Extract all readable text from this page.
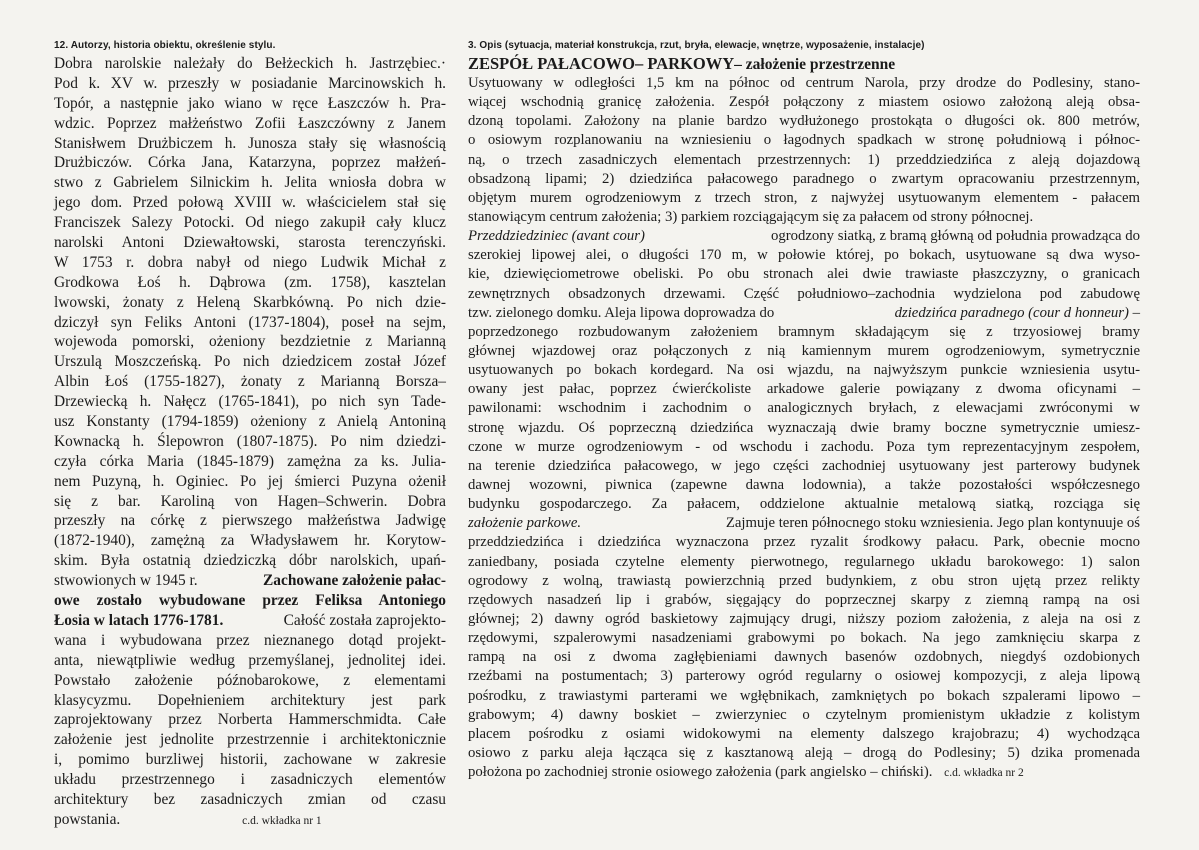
12. Autorzy, historia obiektu, określenie stylu.
Dobra narolskie należały do Bełżeckich h. Jastrzębiec.·
Pod k. XV w. przeszły w posiadanie Marcinowskich h.
Topór, a następnie jako wiano w ręce Łaszczów h. Pra-
wdzic. Poprzez małżeństwo Zofii Łaszczówny z Janem
Stanisłwem Drużbiczem h. Junosza stały się własnością
Drużbiczów. Córka Jana, Katarzyna, poprzez małżeń-
stwo z Gabrielem Silnickim h. Jelita wniosła dobra w
jego dom. Przed połową XVIII w. właścicielem stał się
Franciszek Salezy Potocki. Od niego zakupił cały klucz
narolski Antoni Dziewałtowski, starosta terenczyński.
W 1753 r. dobra nabył od niego Ludwik Michał z
Grodkowa Łoś h. Dąbrowa (zm. 1758), kasztelan
lwowski, żonaty z Heleną Skarbkówną. Po nich dzie-
dziczył syn Feliks Antoni (1737-1804), poseł na sejm,
wojewoda pomorski, ożeniony bezdzietnie z Marianną
Urszulą Moszczeńską. Po nich dziedzicem został Józef
Albin Łoś (1755-1827), żonaty z Marianną Borsza–
Drzewiecką h. Nałęcz (1765-1841), po nich syn Tade-
usz Konstanty (1794-1859) ożeniony z Anielą Antoniną
Kownacką h. Ślepowron (1807-1875). Po nim dziedzi-
czyła córka Maria (1845-1879) zamężna za ks. Julia-
nem Puzyną, h. Oginiec. Po jej śmierci Puzyna ożenił
się z bar. Karoliną von Hagen–Schwerin. Dobra
przeszły na córkę z pierwszego małżeństwa Jadwigę
(1872-1940), zamężną za Władysławem hr. Korytow-
skim. Była ostatnią dziedziczką dóbr narolskich, upań-
stwowionych w 1945 r.	Zachowane założenie pałac-
owe zostało wybudowane przez Feliksa Antoniego
Łosia w latach 1776-1781.	Całość została zaprojekto-
wana i wybudowana przez nieznanego dotąd projekt-
anta, niewątpliwie według przemyślanej, jednolitej idei.
Powstało założenie późnobarokowe, z elementami
klasycyzmu. Dopełnieniem architektury jest park
zaprojektowany przez Norberta Hammerschmidta. Całe
założenie jest jednolite przestrzennie i architektonicznie
i, pomimo burzliwej historii, zachowane w zakresie
układu przestrzennego i zasadniczych elementów
architektury bez zasadniczych zmian od czasu
powstania.	c.d. wkładka nr 1
3. Opis (sytuacja, materiał konstrukcja, rzut, bryła, elewacje, wnętrze, wyposażenie, instalacje)
ZESPÓŁ PAŁACOWO– PARKOWY– założenie przestrzenne
Usytuowany w odległości 1,5 km na północ od centrum Narola, przy drodze do Podlesiny, stano-
wiącej wschodnią granicę założenia. Zespół połączony z miastem osiowo założoną aleją obsa-
dzoną topolami. Założony na planie bardzo wydłużonego prostokąta o długości ok. 800 metrów,
o osiowym rozplanowaniu na wzniesieniu o łagodnych spadkach w stronę południową i północ-
ną, o trzech zasadniczych elementach przestrzennych: 1) przeddziedzińca z aleją dojazdową
obsadzoną lipami; 2) dziedzińca pałacowego paradnego o zwartym opracowaniu przestrzennym,
objętym murem ogrodzeniowym z trzech stron, z najwyżej usytuowanym elementem - pałacem
stanowiącym centrum założenia; 3) parkiem rozciągającym się za pałacem od strony północnej.
Przeddziedziniec (avant cour)	ogrodzony siatką, z bramą główną od południa prowadząca do
szerokiej lipowej alei, o długości 170 m, w połowie której, po bokach, usytuowane są dwa wyso-
kie, dziewięciometrowe obeliski. Po obu stronach alei dwie trawiaste płaszczyzny, o granicach
zewnętrznych obsadzonych drzewami. Część południowo–zachodnia wydzielona pod zabudowę
tzw. zielonego domku. Aleja lipowa doprowadza do	dziedzińca paradnego (cour d honneur) –
poprzedzonego rozbudowanym założeniem bramnym składającym się z trzyosiowej bramy
głównej wjazdowej oraz połączonych z nią kamiennym murem ogrodzeniowym, symetrycznie
usytuowanych po bokach kordegard. Na osi wjazdu, na najwyższym punkcie wzniesienia usytu-
owany jest pałac, poprzez ćwierćkoliste arkadowe galerie powiązany z dwoma oficynami –
pawilonami: wschodnim i zachodnim o analogicznych bryłach, z elewacjami zwróconymi w
stronę wjazdu. Oś poprzeczną dziedzińca wyznaczają dwie bramy boczne symetrycznie umiesz-
czone w murze ogrodzeniowym - od wschodu i zachodu. Poza tym reprezentacyjnym zespołem,
na terenie dziedzińca pałacowego, w jego części zachodniej usytuowany jest parterowy budynek
dawnej wozowni, piwnica (zapewne dawna lodownia), a także pozostałości współczesnego
budynku gospodarczego. Za pałacem, oddzielone aktualnie metalową siatką, rozciąga się
założenie parkowe.	Zajmuje teren północnego stoku wzniesienia. Jego plan kontynuuje oś
przeddziedzińca i dziedzińca wyznaczona przez ryzalit środkowy pałacu. Park, obecnie mocno
zaniedbany, posiada czytelne elementy pierwotnego, regularnego układu barokowego: 1) salon
ogrodowy z wolną, trawiastą powierzchnią przed budynkiem, z obu stron ujętą przez relikty
rzędowych nasadzeń lip i grabów, sięgający do poprzecznej skarpy z ziemną rampą na osi
głównej; 2) dawny ogród baskietowy zajmujący drugi, niższy poziom założenia, z aleja na osi z
rzędowymi, szpalerowymi nasadzeniami grabowymi po bokach. Na jego zamknięciu skarpa z
rampą na osi z dwoma zagłębieniami dawnych basenów ozdobnych, niegdyś ozdobionych
rzeźbami na postumentach; 3) parterowy ogród regularny o osiowej kompozycji, z aleja lipową
pośrodku, z trawiastymi parterami we wgłębnikach, zamkniętych po bokach szpalerami lipowo –
grabowym; 4) dawny boskiet – zwierzyniec o czytelnym promienistym układzie z kolistym
placem pośrodku z osiami widokowymi na elementy dalszego krajobrazu; 4) wychodząca
osiowo z parku aleja łącząca się z kasztanową aleją – drogą do Podlesiny; 5) dzika promenada
położona po zachodniej stronie osiowego założenia (park angielsko – chiński). c.d. wkładka nr 2
